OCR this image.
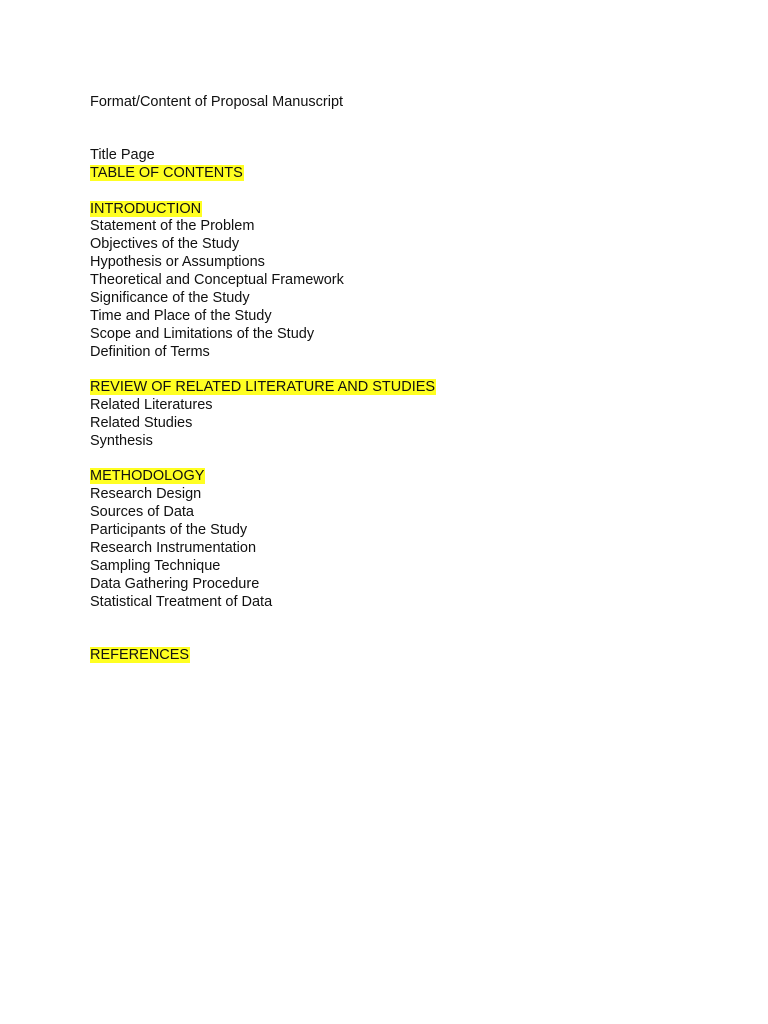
Format/Content of Proposal Manuscript
Title Page
TABLE OF CONTENTS
INTRODUCTION
Statement of the Problem
Objectives of the Study
Hypothesis or Assumptions
Theoretical and Conceptual Framework
Significance of the Study
Time and Place of the Study
Scope and Limitations of the Study
Definition of Terms
REVIEW OF RELATED LITERATURE AND STUDIES
Related Literatures
Related Studies
Synthesis
METHODOLOGY
Research Design
Sources of Data
Participants of the Study
Research Instrumentation
Sampling Technique
Data Gathering Procedure
Statistical Treatment of Data
REFERENCES
